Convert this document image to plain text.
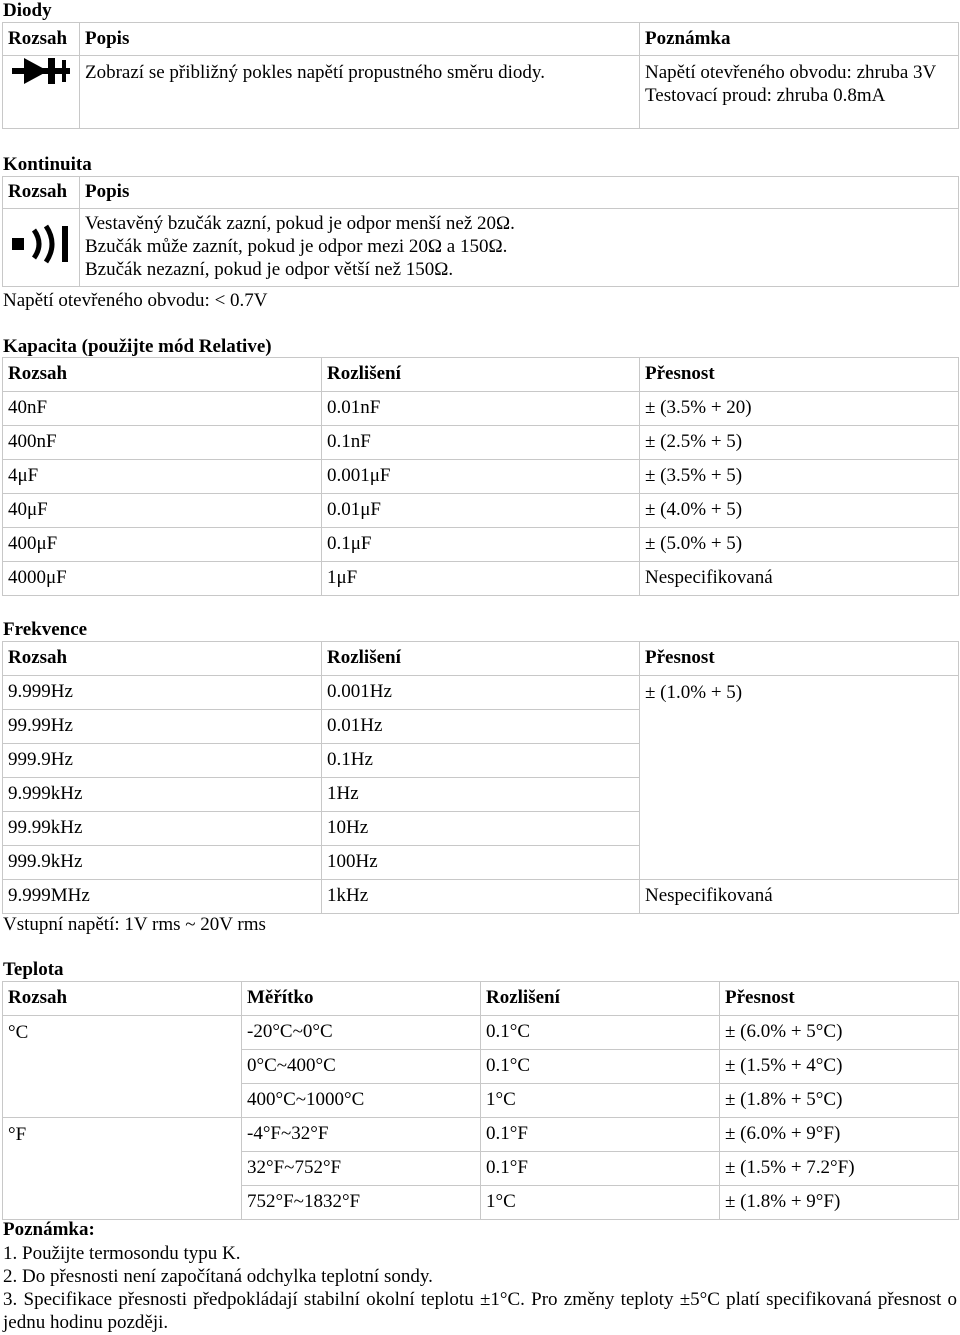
Diody
Rozsah	Popis	Poznámka
	Zobrazí se přibližný pokles napětí propustného směru diody.	Napětí otevřeného obvodu: zhruba 3V
Testovací proud: zhruba 0.8mA
Kontinuita
Rozsah	Popis

Vestavěný bzučák zazní, pokud je odpor menší než 20Ω.
Bzučák může zaznít, pokud je odpor mezi 20Ω a 150Ω.
Bzučák nezazní, pokud je odpor větší než 150Ω.
Napětí otevřeného obvodu: < 0.7V
Kapacita (použijte mód Relative)
Rozsah	Rozlišení	Přesnost
40nF	0.01nF	± (3.5% + 20)
400nF	0.1nF	± (2.5% + 5)
4μF	0.001μF	± (3.5% + 5)
40μF	0.01μF	± (4.0% + 5)
400μF	0.1μF	± (5.0% + 5)
4000μF	1μF	Nespecifikovaná
Frekvence
Rozsah	Rozlišení	Přesnost
9.999Hz	0.001Hz	± (1.0% + 5)
99.99Hz	0.01Hz	
999.9Hz	0.1Hz	
9.999kHz	1Hz	
99.99kHz	10Hz	
999.9kHz	100Hz	
9.999MHz	1kHz	Nespecifikovaná
Vstupní napětí: 1V rms ~ 20V rms
Teplota
Rozsah	Měřítko	Rozlišení	Přesnost
°C	-20°C~0°C	0.1°C	± (6.0% + 5°C)
	0°C~400°C	0.1°C	± (1.5% + 4°C)
	400°C~1000°C	1°C	± (1.8% + 5°C)
°F	-4°F~32°F	0.1°F	± (6.0% + 9°F)
	32°F~752°F	0.1°F	± (1.5% + 7.2°F)
	752°F~1832°F	1°C	± (1.8% + 9°F)
Poznámka:
1. Použijte termosondu typu K.
2. Do přesnosti není započítaná odchylka teplotní sondy.
3. Specifikace přesnosti předpokládají stabilní okolní teplotu ±1°C. Pro změny teploty ±5°C platí specifikovaná přesnost o jednu hodinu později.
